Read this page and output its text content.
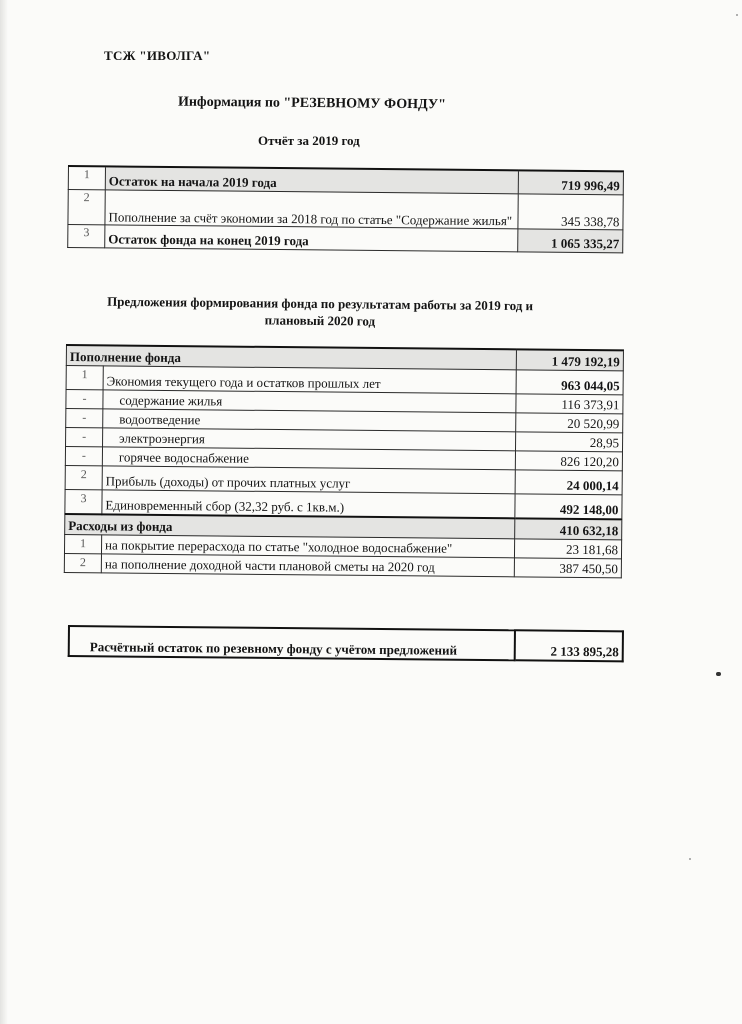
ТСЖ "ИВОЛГА"
Информация по "РЕЗЕВНОМУ ФОНДУ"
Отчёт за 2019 год
1	Остаток на начала 2019 года	719 996,49
2	Пополнение за счёт экономии за 2018 год по статье "Содержание жилья"	345 338,78
3	Остаток фонда на конец 2019 года	1 065 335,27
Предложения формирования фонда по результатам работы за 2019 год и плановый 2020 год
Пополнение фонда		1 479 192,19
1	Экономия текущего года и остатков прошлых лет	963 044,05
-	содержание жилья	116 373,91
-	водоотведение	20 520,99
-	электроэнергия	28,95
-	горячее водоснабжение	826 120,20
2	Прибыль (доходы) от прочих платных услуг	24 000,14
3	Единовременный сбор (32,32 руб. с 1кв.м.)	492 148,00
Расходы из фонда		410 632,18
1	на покрытие перерасхода по статье "холодное водоснабжение"	23 181,68
2	на пополнение доходной части плановой сметы на 2020 год	387 450,50
Расчётный остаток по резевному фонду с учётом предложений	2 133 895,28
